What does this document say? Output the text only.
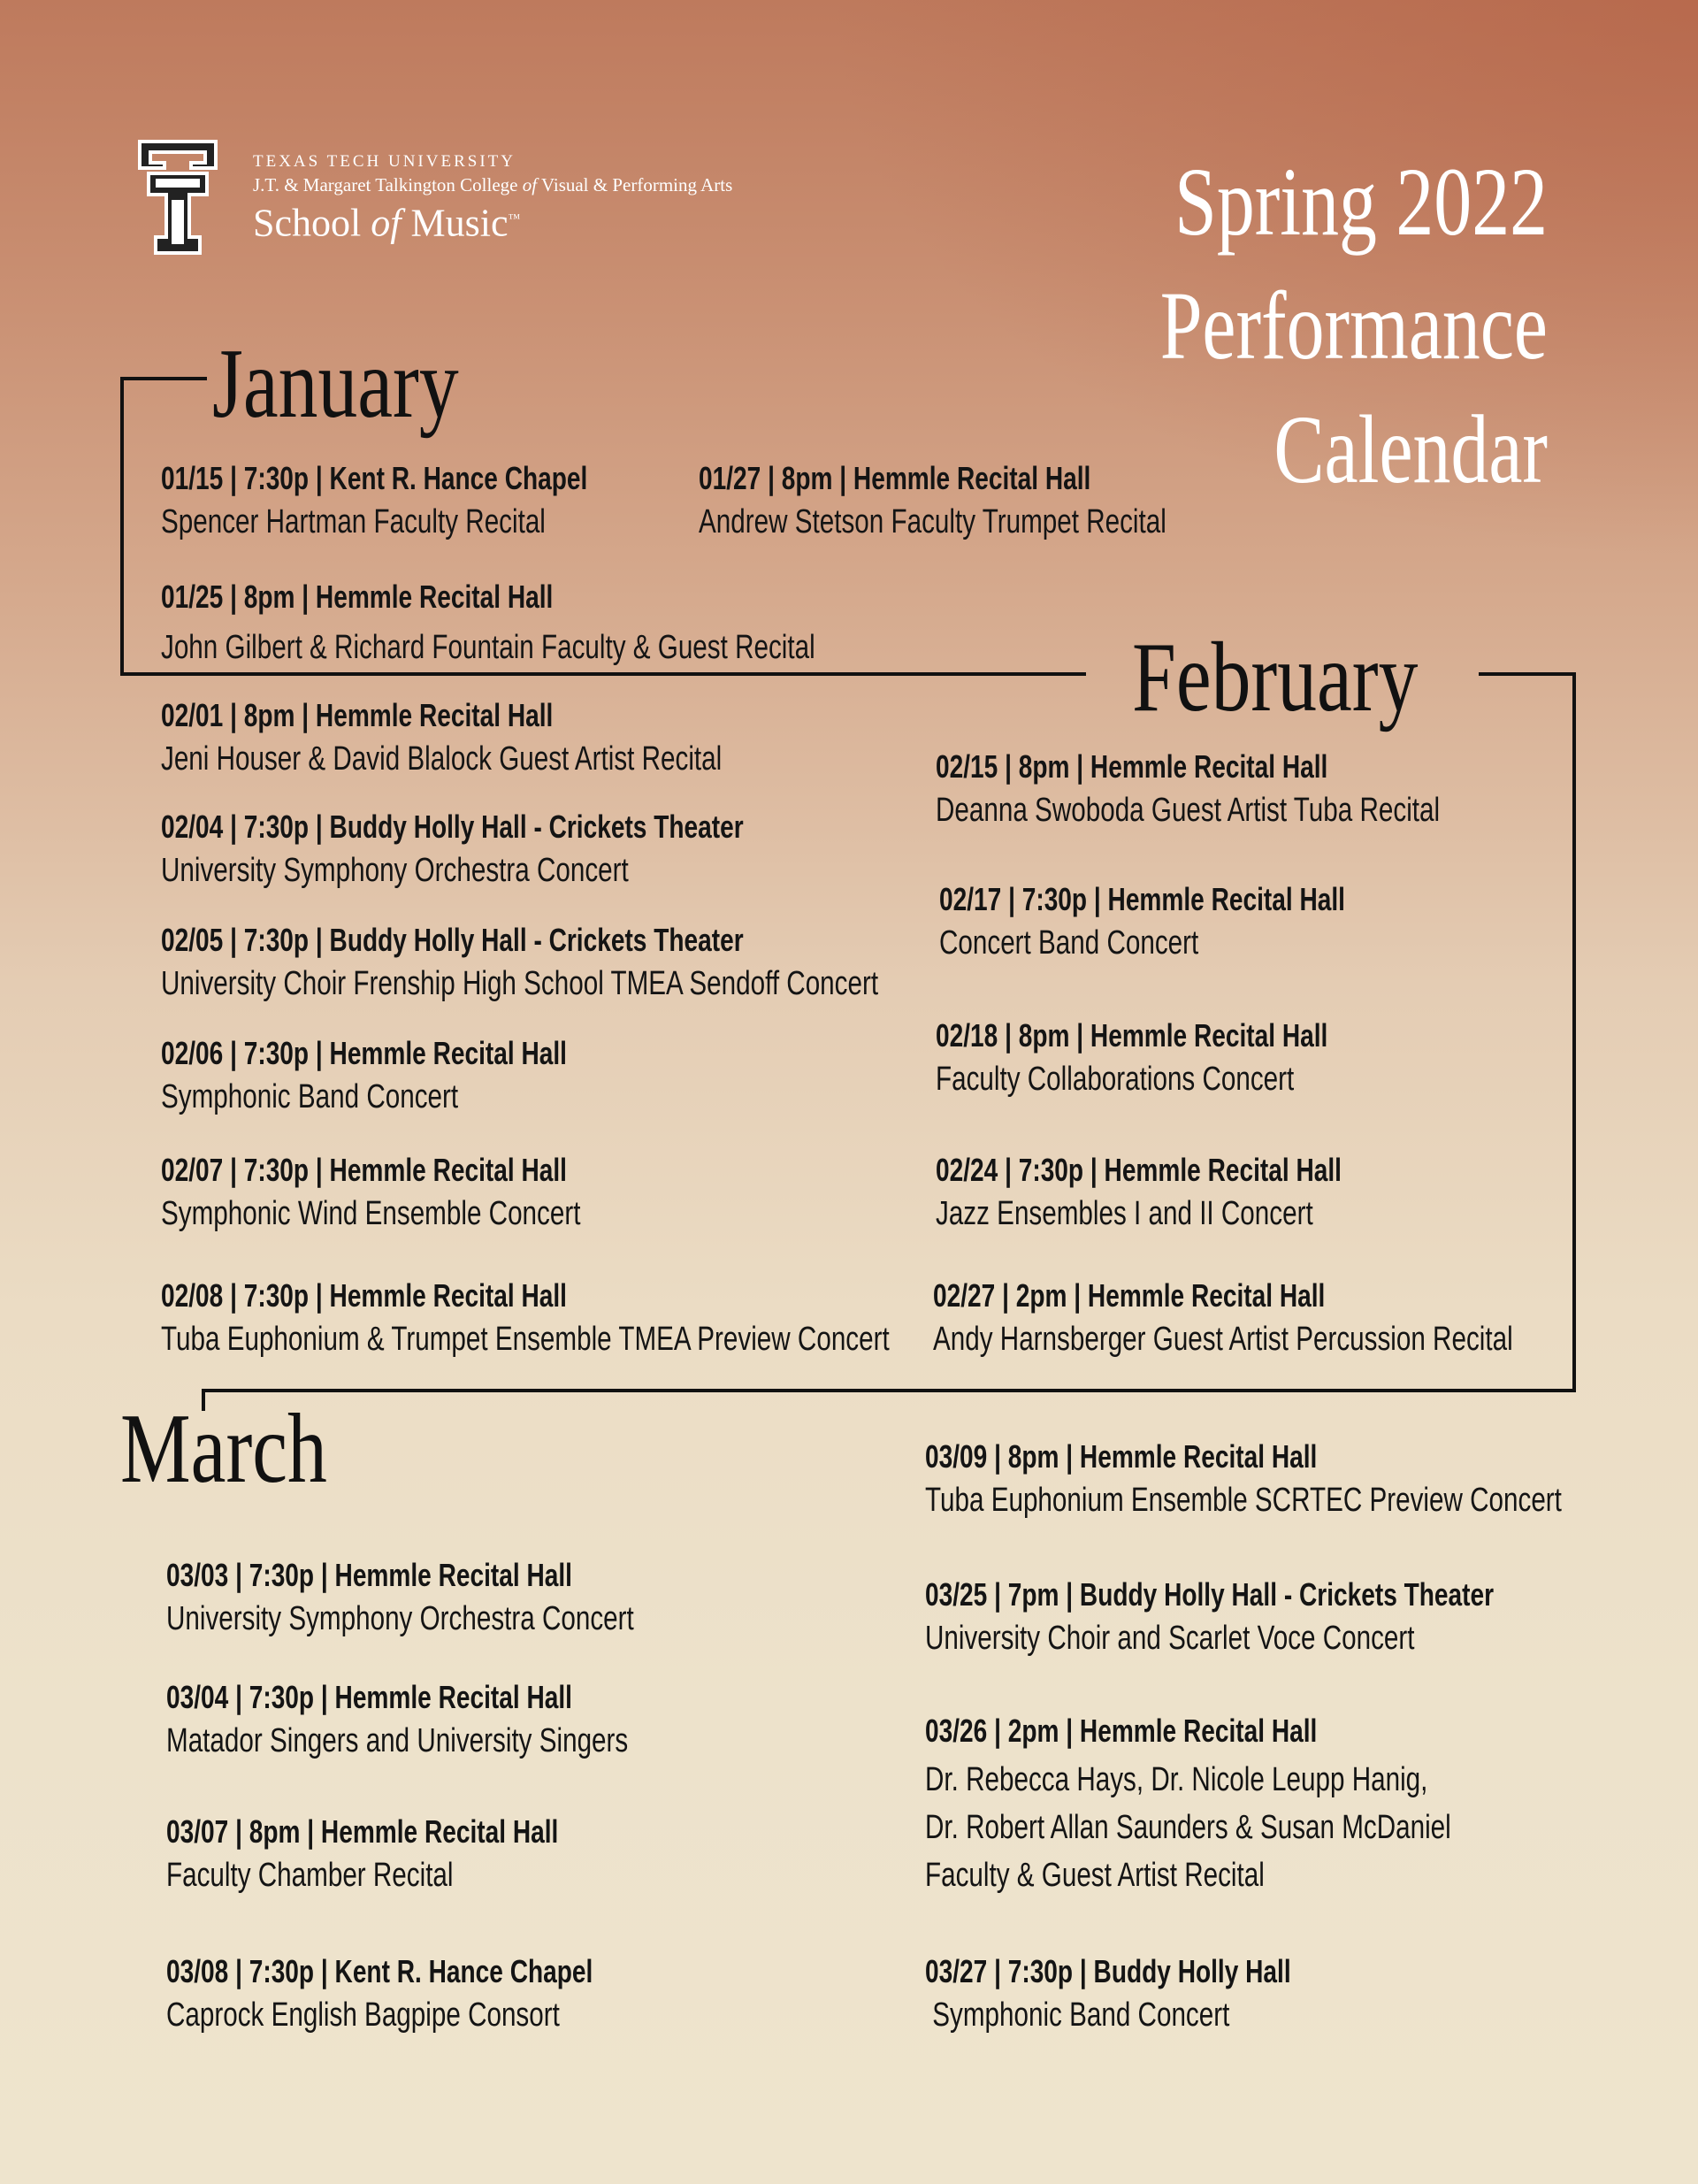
TEXAS TECH UNIVERSITY
J.T. & Margaret Talkington College of Visual & Performing Arts
School of Music™	Spring 2022
Performance
Calendar
January
February
March
01/15 | 7:30p | Kent R. Hance Chapel
Spencer Hartman Faculty Recital
01/27 | 8pm | Hemmle Recital Hall
Andrew Stetson Faculty Trumpet Recital
01/25 | 8pm | Hemmle Recital Hall
John Gilbert & Richard Fountain Faculty & Guest Recital
02/01 | 8pm | Hemmle Recital Hall
Jeni Houser & David Blalock Guest Artist Recital
02/04 | 7:30p | Buddy Holly Hall - Crickets Theater
University Symphony Orchestra Concert
02/05 | 7:30p | Buddy Holly Hall - Crickets Theater
University Choir Frenship High School TMEA Sendoff Concert
02/06 | 7:30p | Hemmle Recital Hall
Symphonic Band Concert
02/07 | 7:30p | Hemmle Recital Hall
Symphonic Wind Ensemble Concert
02/08 | 7:30p | Hemmle Recital Hall
Tuba Euphonium & Trumpet Ensemble TMEA Preview Concert
02/15 | 8pm | Hemmle Recital Hall
Deanna Swoboda Guest Artist Tuba Recital
02/17 | 7:30p | Hemmle Recital Hall
Concert Band Concert
02/18 | 8pm | Hemmle Recital Hall
Faculty Collaborations Concert
02/24 | 7:30p | Hemmle Recital Hall
Jazz Ensembles I and II Concert
02/27 | 2pm | Hemmle Recital Hall
Andy Harnsberger Guest Artist Percussion Recital
03/03 | 7:30p | Hemmle Recital Hall
University Symphony Orchestra Concert
03/04 | 7:30p | Hemmle Recital Hall
Matador Singers and University Singers
03/07 | 8pm | Hemmle Recital Hall
Faculty Chamber Recital
03/08 | 7:30p | Kent R. Hance Chapel
Caprock English Bagpipe Consort
03/09 | 8pm | Hemmle Recital Hall
Tuba Euphonium Ensemble SCRTEC Preview Concert
03/25 | 7pm | Buddy Holly Hall - Crickets Theater
University Choir and Scarlet Voce Concert
03/26 | 2pm | Hemmle Recital Hall
Dr. Rebecca Hays, Dr. Nicole Leupp Hanig,
Dr. Robert Allan Saunders & Susan McDaniel
Faculty & Guest Artist Recital
03/27 | 7:30p | Buddy Holly Hall
Symphonic Band Concert
